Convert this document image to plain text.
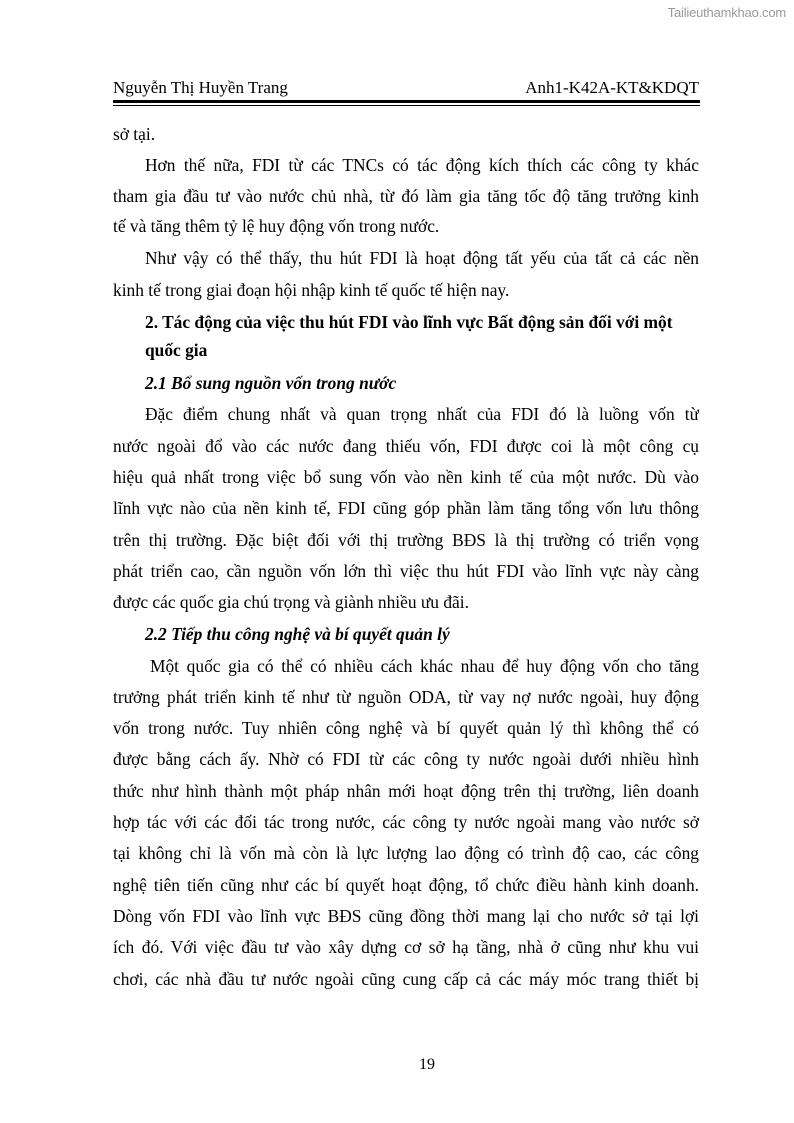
Tailieuthamkhao.com
Nguyễn Thị Huyền Trang	Anh1-K42A-KT&KDQT
sở tại.
Hơn thế nữa, FDI từ các TNCs có tác động kích thích các công ty khác
tham gia đầu tư vào nước chủ nhà, từ đó làm gia tăng tốc độ tăng trưởng kinh
tế và tăng thêm tỷ lệ huy động vốn trong nước.
Như vậy có thể thấy, thu hút FDI là hoạt động tất yếu của tất cả các nền
kinh tế trong giai đoạn hội nhập kinh tế quốc tế hiện nay.
2. Tác động của việc thu hút FDI vào lĩnh vực Bất động sản đối với một
quốc gia
2.1 Bổ sung nguồn vốn trong nước
Đặc điểm chung nhất và quan trọng nhất của FDI đó là luồng vốn từ
nước ngoài đổ vào các nước đang thiếu vốn, FDI được coi là một công cụ
hiệu quả nhất trong việc bổ sung vốn vào nền kinh tế của một nước. Dù vào
lĩnh vực nào của nền kinh tế, FDI cũng góp phần làm tăng tổng vốn lưu thông
trên thị trường. Đặc biệt đối với thị trường BĐS là thị trường có triển vọng
phát triển cao, cần nguồn vốn lớn thì việc thu hút FDI vào lĩnh vực này càng
được các quốc gia chú trọng và giành nhiều ưu đãi.
2.2 Tiếp thu công nghệ và bí quyết quản lý
Một quốc gia có thể có nhiều cách khác nhau để huy động vốn cho tăng
trưởng phát triển kinh tế như từ nguồn ODA, từ vay nợ nước ngoài, huy động
vốn trong nước. Tuy nhiên công nghệ và bí quyết quản lý thì không thể có
được bằng cách ấy. Nhờ có FDI từ các công ty nước ngoài dưới nhiều hình
thức như hình thành một pháp nhân mới hoạt động trên thị trường, liên doanh
hợp tác với các đối tác trong nước, các công ty nước ngoài mang vào nước sở
tại không chỉ là vốn mà còn là lực lượng lao động có trình độ cao, các công
nghệ tiên tiến cũng như các bí quyết hoạt động, tổ chức điều hành kinh doanh.
Dòng vốn FDI vào lĩnh vực BĐS cũng đồng thời mang lại cho nước sở tại lợi
ích đó. Với việc đầu tư vào xây dựng cơ sở hạ tầng, nhà ở cũng như khu vui
chơi, các nhà đầu tư nước ngoài cũng cung cấp cả các máy móc trang thiết bị
19
